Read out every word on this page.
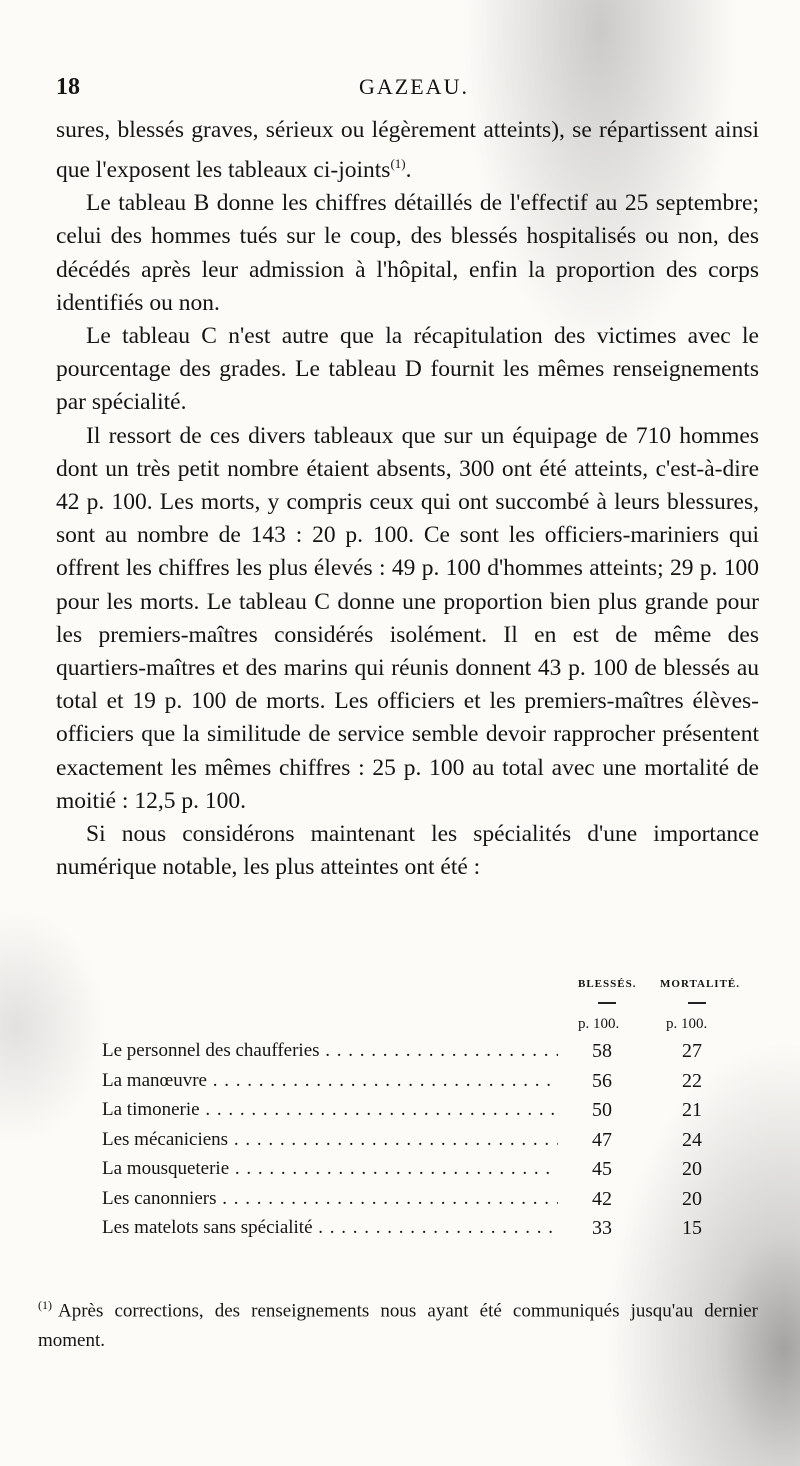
18	GAZEAU.

sures, blessés graves, sérieux ou légèrement atteints), se répartissent ainsi que l'exposent les tableaux ci-joints$^{(1)}$.

Le tableau B donne les chiffres détaillés de l'effectif au 25 septembre; celui des hommes tués sur le coup, des blessés hospitalisés ou non, des décédés après leur admission à l'hôpital, enfin la proportion des corps identifiés ou non.

Le tableau C n'est autre que la récapitulation des victimes avec le pourcentage des grades. Le tableau D fournit les mêmes renseignements par spécialité.

Il ressort de ces divers tableaux que sur un équipage de 710 hommes dont un très petit nombre étaient absents, 300 ont été atteints, c'est-à-dire 42 p. 100. Les morts, y compris ceux qui ont succombé à leurs blessures, sont au nombre de 143 : 20 p. 100. Ce sont les officiers-mariniers qui offrent les chiffres les plus élevés : 49 p. 100 d'hommes atteints; 29 p. 100 pour les morts. Le tableau C donne une proportion bien plus grande pour les premiers-maîtres considérés isolément. Il en est de même des quartiers-maîtres et des marins qui réunis donnent 43 p. 100 de blessés au total et 19 p. 100 de morts. Les officiers et les premiers-maîtres élèves-officiers que la similitude de service semble devoir rapprocher présentent exactement les mêmes chiffres : 25 p. 100 au total avec une mortalité de moitié : 12,5 p. 100.

Si nous considérons maintenant les spécialités d'une importance numérique notable, les plus atteintes ont été :

BLESSÉS. MORTALITÉ.
p. 100.	p. 100.
Le personnel des chaufferies . . .	58	27
La manœuvre . . .	56	22
La timonerie . . .	50	21
Les mécaniciens . . .	47	24
La mousqueterie . . .	45	20
Les canonniers . . .	42	20
Les matelots sans spécialité . . .	33	15
$^{(1)}$ Après corrections, des renseignements nous ayant été communiqués jusqu'au dernier moment.
